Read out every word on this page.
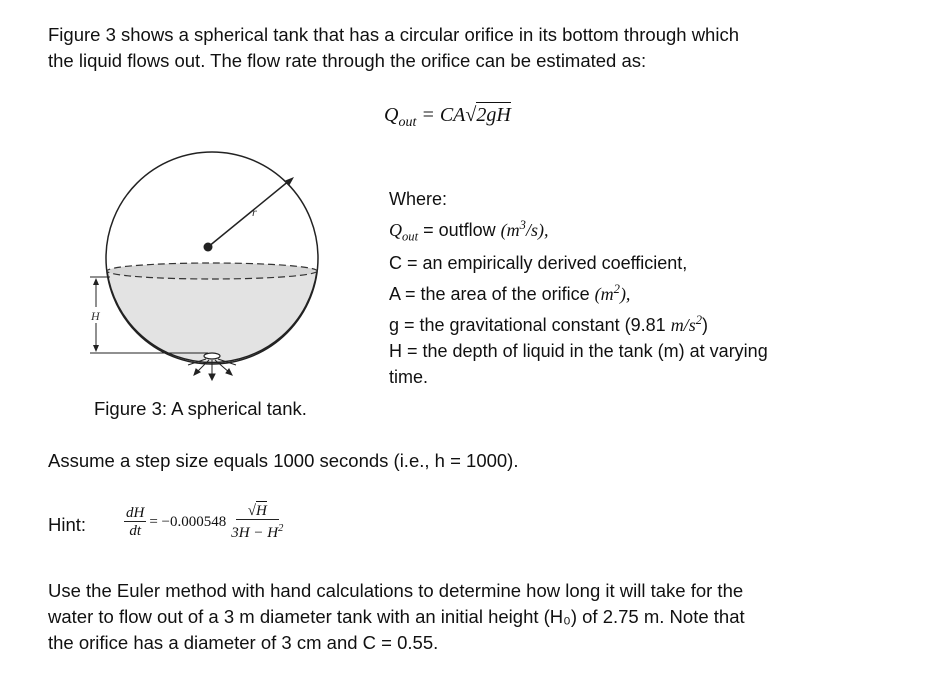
Figure 3 shows a spherical tank that has a circular orifice in its bottom through which
the liquid flows out. The flow rate through the orifice can be estimated as:
$Q_{out} = CA√2gH$
r
H
Where:
$Q_{out}$ = outflow $(m^3/s)$,
C = an empirically derived coefficient,
A = the area of the orifice $(m^2)$,
g = the gravitational constant (9.81 $m/s^2$)
H = the depth of liquid in the tank (m) at varying
time.
Figure 3: A spherical tank.
Assume a step size equals 1000 seconds (i.e., h = 1000).
Hint:	$\frac{dH}{dt} = -0.000548 \frac{√H}{3H - H^2}$
Use the Euler method with hand calculations to determine how long it will take for the
water to flow out of a 3 m diameter tank with an initial height (H₀) of 2.75 m. Note that
the orifice has a diameter of 3 cm and C = 0.55.
